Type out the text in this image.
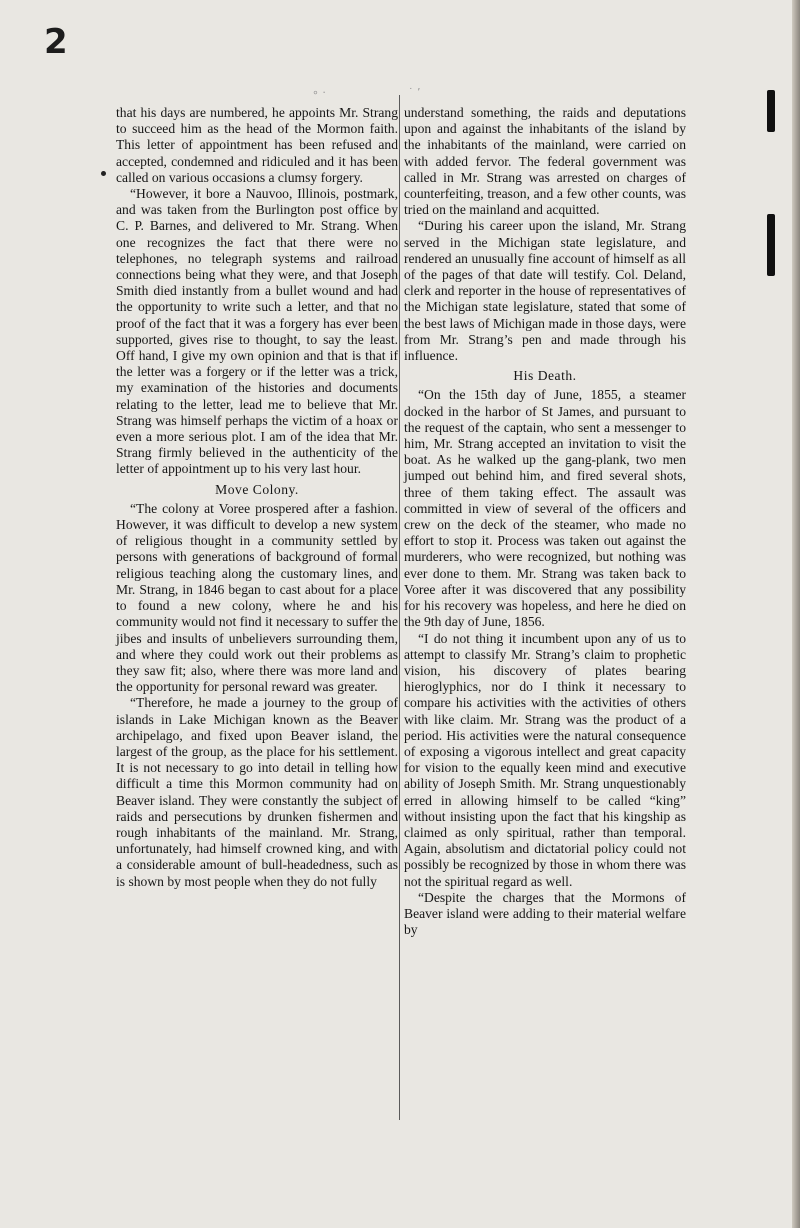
2
∘ ·	˙ ʼ

that his days are numbered, he appoints Mr. Strang to succeed him as the head of the Mormon faith. This letter of appointment has been refused and accepted, condemned and ridiculed and it has been called on various occasions a clumsy forgery.

“However, it bore a Nauvoo, Illinois, postmark, and was taken from the Burlington post office by C. P. Barnes, and delivered to Mr. Strang. When one recognizes the fact that there were no telephones, no telegraph systems and railroad connections being what they were, and that Joseph Smith died instantly from a bullet wound and had the opportunity to write such a letter, and that no proof of the fact that it was a forgery has ever been supported, gives rise to thought, to say the least. Off hand, I give my own opinion and that is that if the letter was a forgery or if the letter was a trick, my examination of the histories and documents relating to the letter, lead me to believe that Mr. Strang was himself perhaps the victim of a hoax or even a more serious plot. I am of the idea that Mr. Strang firmly believed in the authenticity of the letter of appointment up to his very last hour.

Move Colony.

“The colony at Voree prospered after a fashion. However, it was difficult to develop a new system of religious thought in a community settled by persons with generations of background of formal religious teaching along the customary lines, and Mr. Strang, in 1846 began to cast about for a place to found a new colony, where he and his community would not find it necessary to suffer the jibes and insults of unbelievers surrounding them, and where they could work out their problems as they saw fit; also, where there was more land and the opportunity for personal reward was greater.

“Therefore, he made a journey to the group of islands in Lake Michigan known as the Beaver archipelago, and fixed upon Beaver island, the largest of the group, as the place for his settlement. It is not necessary to go into detail in telling how difficult a time this Mormon community had on Beaver island. They were constantly the subject of raids and persecutions by drunken fishermen and rough inhabitants of the mainland. Mr. Strang, unfortunately, had himself crowned king, and with a considerable amount of bull-headedness, such as is shown by most people when they do not fully

understand something, the raids and deputations upon and against the inhabitants of the island by the inhabitants of the mainland, were carried on with added fervor. The federal government was called in Mr. Strang was arrested on charges of counterfeiting, treason, and a few other counts, was tried on the mainland and acquitted.

“During his career upon the island, Mr. Strang served in the Michigan state legislature, and rendered an unusually fine account of himself as all of the pages of that date will testify. Col. Deland, clerk and reporter in the house of representatives of the Michigan state legislature, stated that some of the best laws of Michigan made in those days, were from Mr. Strang’s pen and made through his influence.

His Death.

“On the 15th day of June, 1855, a steamer docked in the harbor of St James, and pursuant to the request of the captain, who sent a messenger to him, Mr. Strang accepted an invitation to visit the boat. As he walked up the gang-plank, two men jumped out behind him, and fired several shots, three of them taking effect. The assault was committed in view of several of the officers and crew on the deck of the steamer, who made no effort to stop it. Process was taken out against the murderers, who were recognized, but nothing was ever done to them. Mr. Strang was taken back to Voree after it was discovered that any possibility for his recovery was hopeless, and here he died on the 9th day of June, 1856.

“I do not thing it incumbent upon any of us to attempt to classify Mr. Strang’s claim to prophetic vision, his discovery of plates bearing hieroglyphics, nor do I think it necessary to compare his activities with the activities of others with like claim. Mr. Strang was the product of a period. His activities were the natural consequence of exposing a vigorous intellect and great capacity for vision to the equally keen mind and executive ability of Joseph Smith. Mr. Strang unquestionably erred in allowing himself to be called “king” without insisting upon the fact that his kingship as claimed as only spiritual, rather than temporal. Again, absolutism and dictatorial policy could not possibly be recognized by those in whom there was not the spiritual regard as well.

“Despite the charges that the Mormons of Beaver island were adding to their material welfare by
